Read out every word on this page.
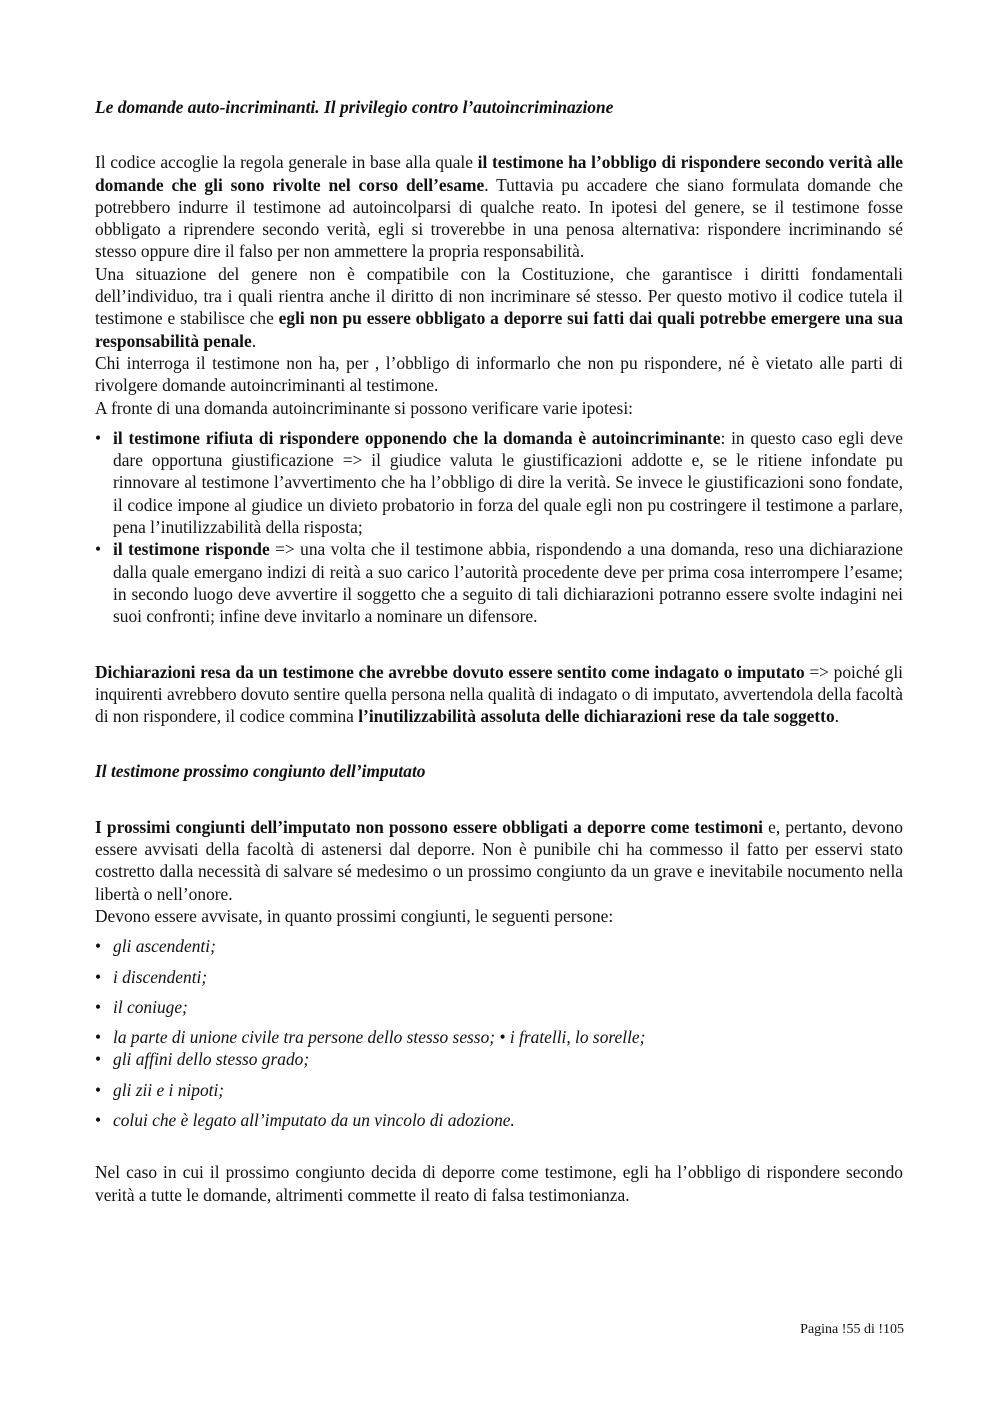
Le domande auto-incriminanti. Il privilegio contro l’autoincriminazione

Il codice accoglie la regola generale in base alla quale il testimone ha l’obbligo di rispondere secondo verità alle domande che gli sono rivolte nel corso dell’esame. Tuttavia pu accadere che siano formulata domande che potrebbero indurre il testimone ad autoincolparsi di qualche reato. In ipotesi del genere, se il testimone fosse obbligato a riprendere secondo verità, egli si troverebbe in una penosa alternativa: rispondere incriminando sé stesso oppure dire il falso per non ammettere la propria responsabilità.

Una situazione del genere non è compatibile con la Costituzione, che garantisce i diritti fondamentali dell’individuo, tra i quali rientra anche il diritto di non incriminare sé stesso. Per questo motivo il codice tutela il testimone e stabilisce che egli non pu essere obbligato a deporre sui fatti dai quali potrebbe emergere una sua responsabilità penale.

Chi interroga il testimone non ha, per , l’obbligo di informarlo che non pu rispondere, né è vietato alle parti di rivolgere domande autoincriminanti al testimone.

A fronte di una domanda autoincriminante si possono verificare varie ipotesi:

• il testimone rifiuta di rispondere opponendo che la domanda è autoincriminante: in questo caso egli deve dare opportuna giustificazione => il giudice valuta le giustificazioni addotte e, se le ritiene infondate pu rinnovare al testimone l’avvertimento che ha l’obbligo di dire la verità. Se invece le giustificazioni sono fondate, il codice impone al giudice un divieto probatorio in forza del quale egli non pu costringere il testimone a parlare, pena l’inutilizzabilità della risposta;
• il testimone risponde => una volta che il testimone abbia, rispondendo a una domanda, reso una dichiarazione dalla quale emergano indizi di reità a suo carico l’autorità procedente deve per prima cosa interrompere l’esame; in secondo luogo deve avvertire il soggetto che a seguito di tali dichiarazioni potranno essere svolte indagini nei suoi confronti; infine deve invitarlo a nominare un difensore.

Dichiarazioni resa da un testimone che avrebbe dovuto essere sentito come indagato o imputato => poiché gli inquirenti avrebbero dovuto sentire quella persona nella qualità di indagato o di imputato, avvertendola della facoltà di non rispondere, il codice commina l’inutilizzabilità assoluta delle dichiarazioni rese da tale soggetto.

Il testimone prossimo congiunto dell’imputato

I prossimi congiunti dell’imputato non possono essere obbligati a deporre come testimoni e, pertanto, devono essere avvisati della facoltà di astenersi dal deporre. Non è punibile chi ha commesso il fatto per esservi stato costretto dalla necessità di salvare sé medesimo o un prossimo congiunto da un grave e inevitabile nocumento nella libertà o nell’onore.

Devono essere avvisate, in quanto prossimi congiunti, le seguenti persone:

• gli ascendenti;
• i discendenti;
• il coniuge;
• la parte di unione civile tra persone dello stesso sesso; • i fratelli, lo sorelle;
• gli affini dello stesso grado;
• gli zii e i nipoti;
• colui che è legato all’imputato da un vincolo di adozione.

Nel caso in cui il prossimo congiunto decida di deporre come testimone, egli ha l’obbligo di rispondere secondo verità a tutte le domande, altrimenti commette il reato di falsa testimonianza.

Pagina !55 di !105
